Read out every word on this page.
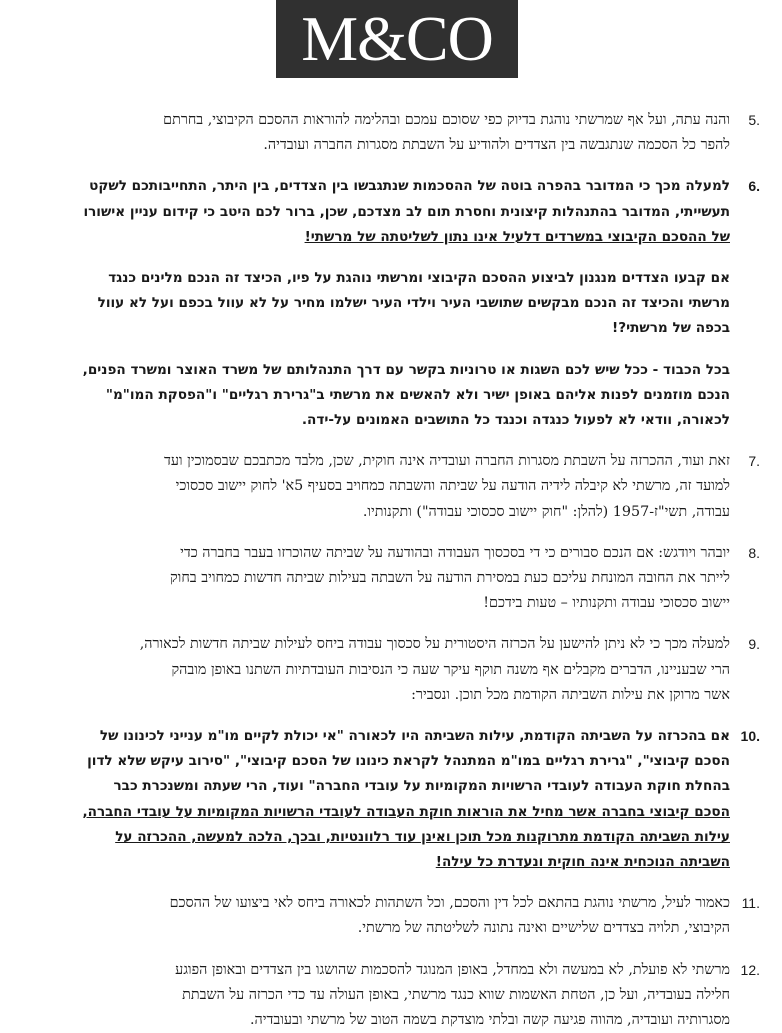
M&CO
5.
והנה עתה, ועל אף שמרשתי נוהגת בדיוק כפי שסוכם עמכם ובהלימה להוראות ההסכם הקיבוצי, בחרתם
להפר כל הסכמה שנתגבשה בין הצדדים ולהודיע על השבתת מסגרות החברה ועובדיה.
6.
למעלה מכך כי המדובר בהפרה בוטה של ההסכמות שנתגבשו בין הצדדים, בין היתר, התחייבותכם לשקט
תעשייתי, המדובר בהתנהלות קיצונית וחסרת תום לב מצדכם, שכן, ברור לכם היטב כי קידום עניין אישורו
של ההסכם הקיבוצי במשרדים דלעיל אינו נתון לשליטתה של מרשתי!
אם קבעו הצדדים מנגנון לביצוע ההסכם הקיבוצי ומרשתי נוהגת על פיו, הכיצד זה הנכם מלינים כנגד
מרשתי והכיצד זה הנכם מבקשים שתושבי העיר וילדי העיר ישלמו מחיר על לא עוול בכפם ועל לא עוול
בכפה של מרשתי?!
בכל הכבוד - ככל שיש לכם השגות או טרוניות בקשר עם דרך התנהלותם של משרד האוצר ומשרד הפנים,
הנכם מוזמנים לפנות אליהם באופן ישיר ולא להאשים את מרשתי ב"גרירת רגליים" ו"הפסקת המו"מ"
לכאורה, וודאי לא לפעול כנגדה וכנגד כל התושבים האמונים על-ידה.
7.
זאת ועוד, ההכרזה על השבתת מסגרות החברה ועובדיה אינה חוקית, שכן, מלבד מכתבכם שבסמוכין ועד
למועד זה, מרשתי לא קיבלה לידיה הודעה על שביתה והשבתה כמחויב בסעיף 5א' לחוק יישוב סכסוכי
עבודה, תשי"ז-1957 (להלן: "חוק יישוב סכסוכי עבודה") ותקנותיו.
8.
יובהר ויודגש: אם הנכם סבורים כי די בסכסוך העבודה ובהודעה על שביתה שהוכרזו בעבר בחברה כדי
לייתר את החובה המונחת עליכם כעת במסירת הודעה על השבתה בעילות שביתה חדשות כמחויב בחוק
יישוב סכסוכי עבודה ותקנותיו – טעות בידכם!
9.
למעלה מכך כי לא ניתן להישען על הכרזה היסטורית על סכסוך עבודה ביחס לעילות שביתה חדשות לכאורה,
הרי שבעניינו, הדברים מקבלים אף משנה תוקף עיקר שעה כי הנסיבות העובדתיות השתנו באופן מובהק
אשר מרוקן את עילות השביתה הקודמת מכל תוכן. ונסביר:
10.
אם בהכרזה על השביתה הקודמת, עילות השביתה היו לכאורה "אי יכולת לקיים מו"מ ענייני לכינונו של
הסכם קיבוצי", "גרירת רגליים במו"מ המתנהל לקראת כינונו של הסכם קיבוצי", "סירוב עיקש שלא לדון
בהחלת חוקת העבודה לעובדי הרשויות המקומיות על עובדי החברה" ועוד, הרי שעתה ומשנכרת כבר
הסכם קיבוצי בחברה אשר מחיל את הוראות חוקת העבודה לעובדי הרשויות המקומיות על עובדי החברה,
עילות השביתה הקודמת מתרוקנות מכל תוכן ואינן עוד רלוונטיות, ובכך, הלכה למעשה, ההכרזה על
השביתה הנוכחית אינה חוקית ונעדרת כל עילה!
11.
כאמור לעיל, מרשתי נוהגת בהתאם לכל דין והסכם, וכל השתהות לכאורה ביחס לאי ביצועו של ההסכם
הקיבוצי, תלויה בצדדים שלישיים ואינה נתונה לשליטתה של מרשתי.
12.
מרשתי לא פועלת, לא במעשה ולא במחדל, באופן המנוגד להסכמות שהושגו בין הצדדים ובאופן הפוגע
חלילה בעובדיה, ועל כן, הטחת האשמות שווא כנגד מרשתי, באופן העולה עד כדי הכרזה על השבתת
מסגרותיה ועובדיה, מהווה פגיעה קשה ובלתי מוצדקת בשמה הטוב של מרשתי ובעובדיה.
